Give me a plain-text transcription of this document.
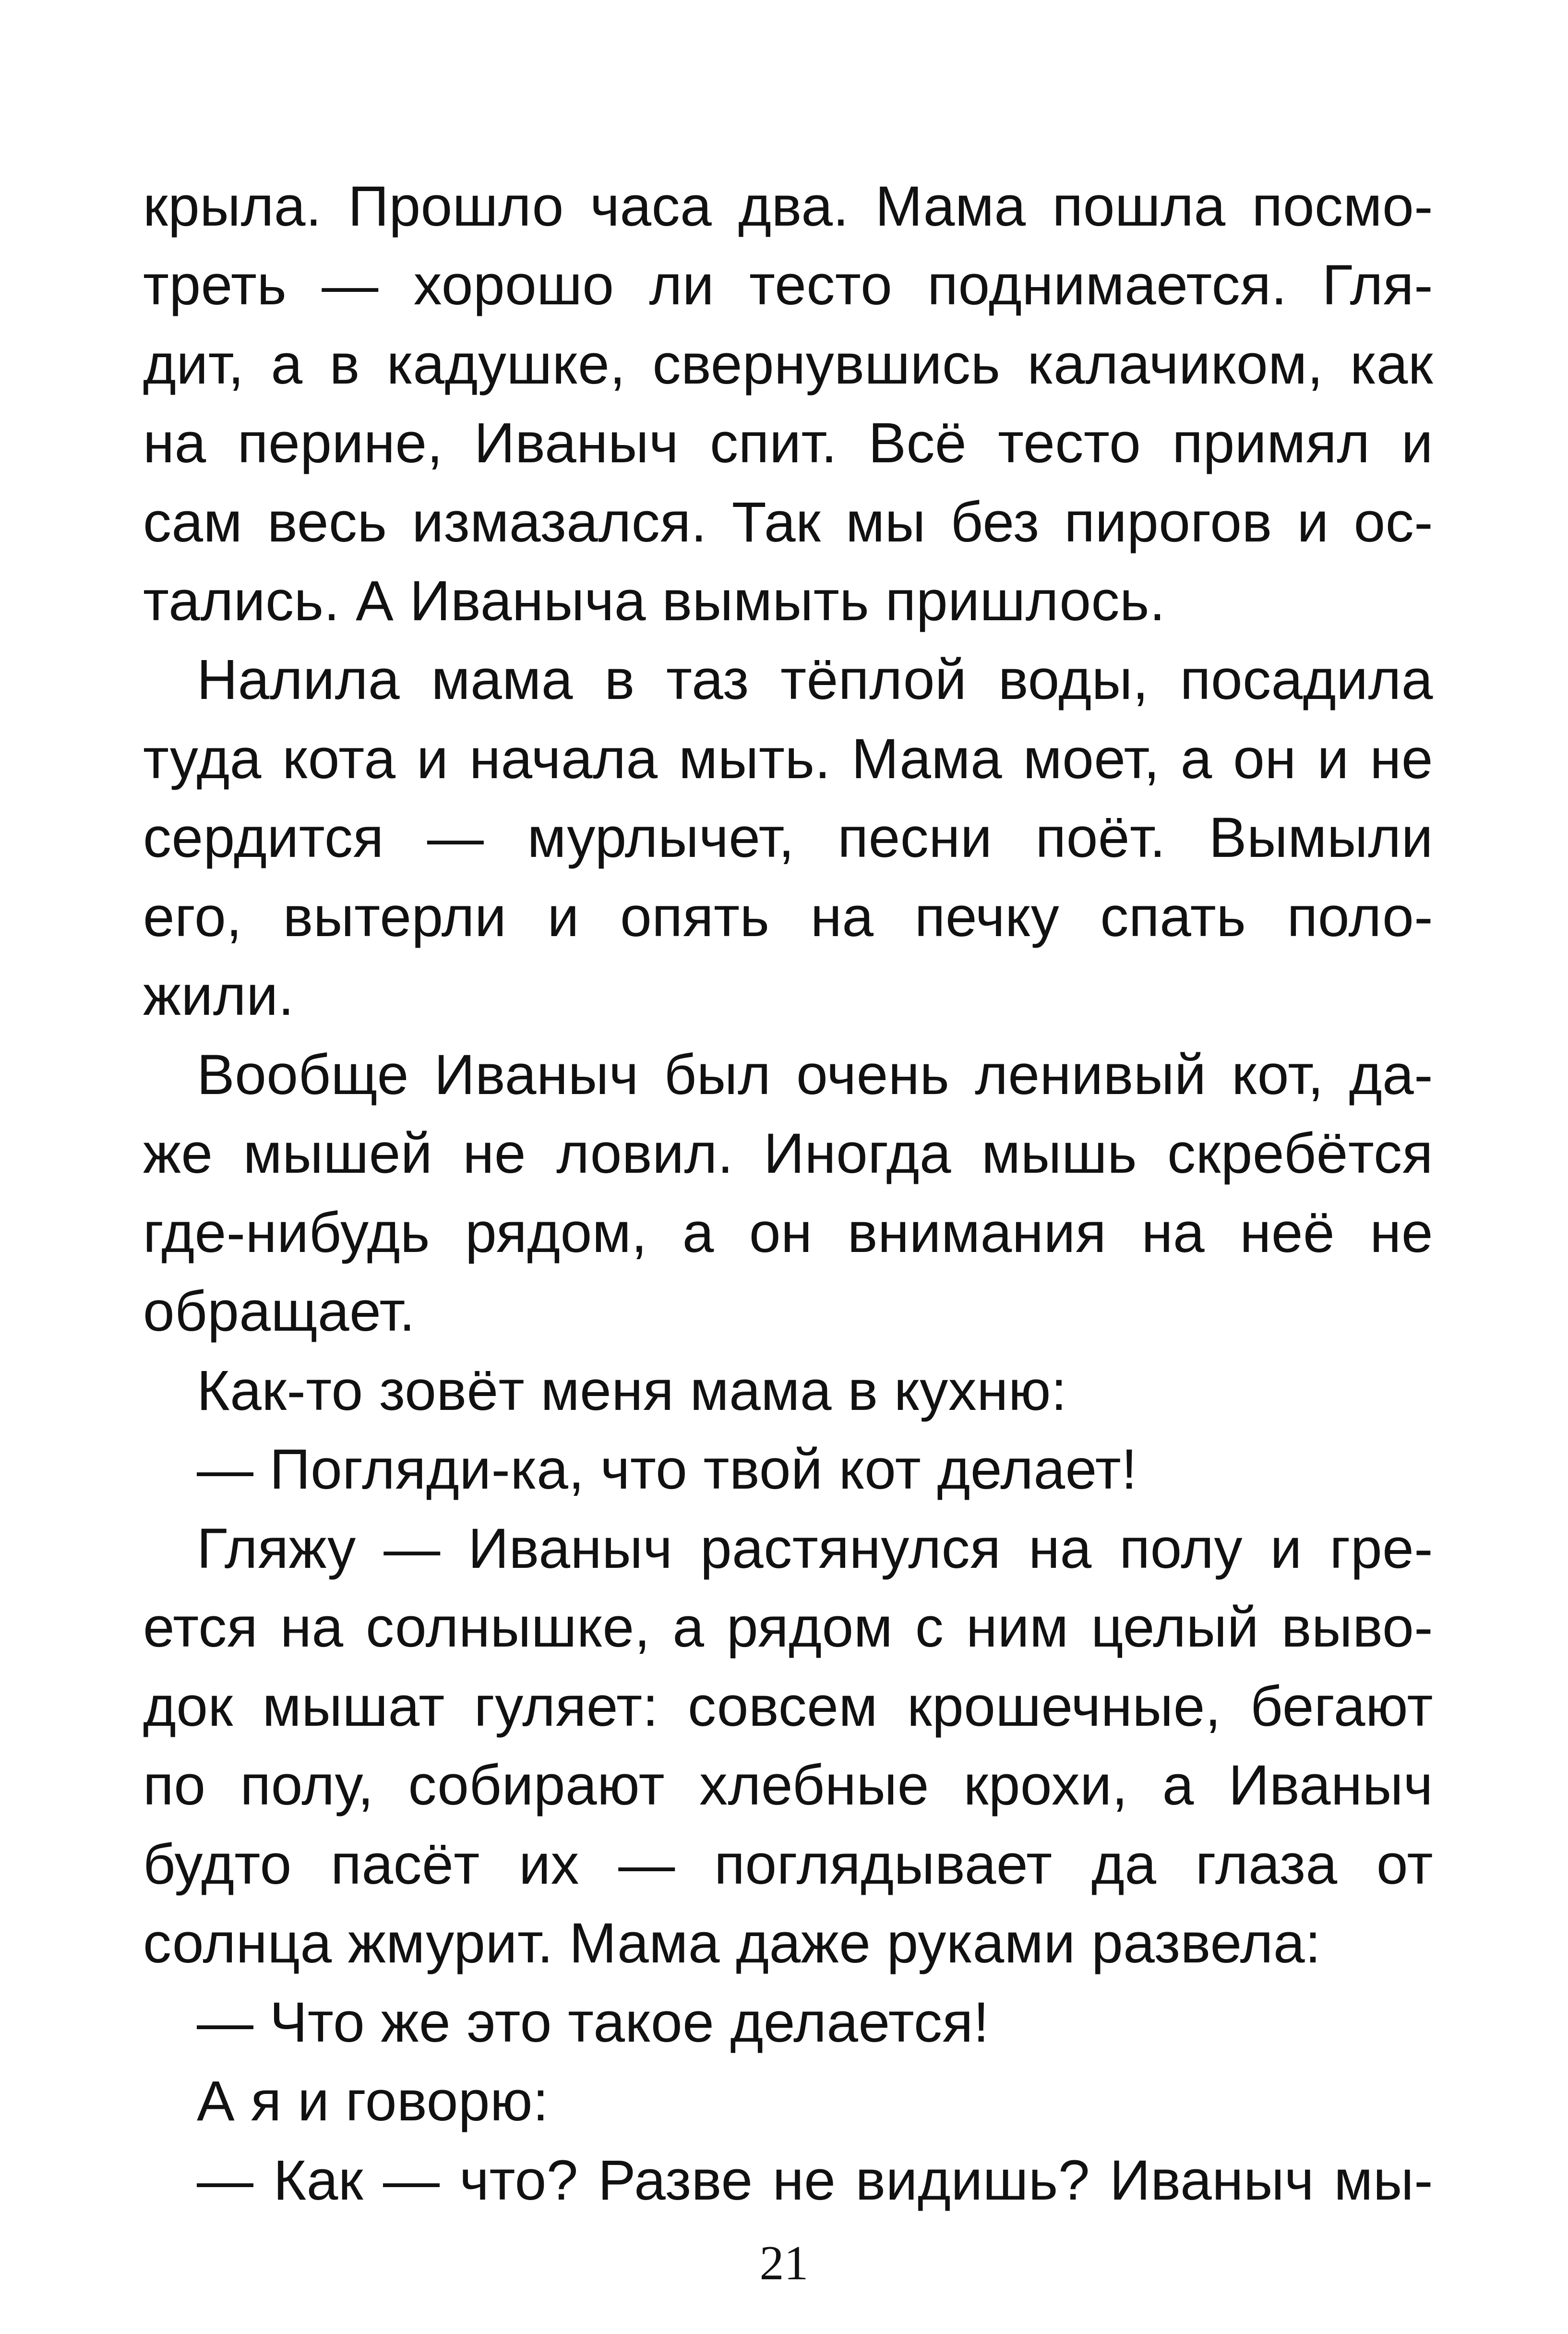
крыла. Прошло часа два. Мама пошла посмо-

треть — хорошо ли тесто поднимается. Гля-

дит, а в кадушке, свернувшись калачиком, как

на перине, Иваныч спит. Всё тесто примял и

сам весь измазался. Так мы без пирогов и ос-

тались. А Иваныча вымыть пришлось.

Налила мама в таз тёплой воды, посадила

туда кота и начала мыть. Мама моет, а он и не

сердится — мурлычет, песни поёт. Вымыли

его, вытерли и опять на печку спать поло-

жили.

Вообще Иваныч был очень ленивый кот, да-

же мышей не ловил. Иногда мышь скребётся

где-нибудь рядом, а он внимания на неё не

обращает.

Как-то зовёт меня мама в кухню:

— Погляди-ка, что твой кот делает!

Гляжу — Иваныч растянулся на полу и гре-

ется на солнышке, а рядом с ним целый выво-

док мышат гуляет: совсем крошечные, бегают

по полу, собирают хлебные крохи, а Иваныч

будто пасёт их — поглядывает да глаза от

солнца жмурит. Мама даже руками развела:

— Что же это такое делается!

А я и говорю:

— Как — что? Разве не видишь? Иваныч мы-

21
